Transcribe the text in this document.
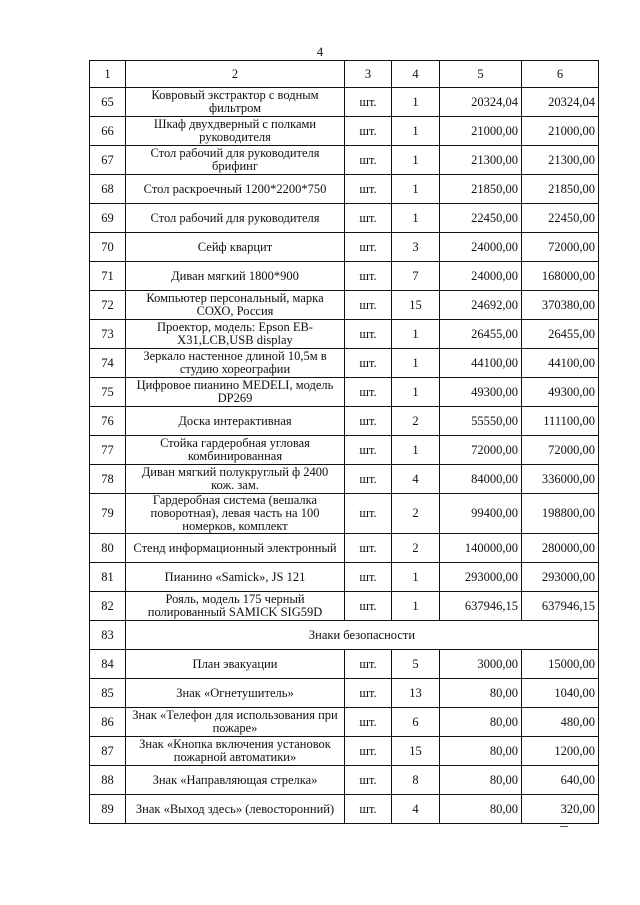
4
1	2	3	4	5	6
65	Ковровый экстрактор с водным фильтром	шт.	1	20324,04	20324,04
66	Шкаф двухдверный с полками руководителя	шт.	1	21000,00	21000,00
67	Стол рабочий для руководителя брифинг	шт.	1	21300,00	21300,00
68	Стол раскроечный 1200*2200*750	шт.	1	21850,00	21850,00
69	Стол рабочий для руководителя	шт.	1	22450,00	22450,00
70	Сейф кварцит	шт.	3	24000,00	72000,00
71	Диван мягкий 1800*900	шт.	7	24000,00	168000,00
72	Компьютер персональный, марка СОХО, Россия	шт.	15	24692,00	370380,00
73	Проектор, модель: Epson EB-X31,LCB,USB display	шт.	1	26455,00	26455,00
74	Зеркало настенное длиной 10,5м в студию хореографии	шт.	1	44100,00	44100,00
75	Цифровое пианино MEDELI, модель DP269	шт.	1	49300,00	49300,00
76	Доска интерактивная	шт.	2	55550,00	111100,00
77	Стойка гардеробная угловая комбинированная	шт.	1	72000,00	72000,00
78	Диван мягкий полукруглый ф 2400 кож. зам.	шт.	4	84000,00	336000,00
79	Гардеробная система (вешалка поворотная), левая часть на 100 номерков, комплект	шт.	2	99400,00	198800,00
80	Стенд информационный электронный	шт.	2	140000,00	280000,00
81	Пианино «Samick», JS 121	шт.	1	293000,00	293000,00
82	Рояль, модель 175 черный полированный SAMICK SIG59D	шт.	1	637946,15	637946,15
83	Знаки безопасности				
84	План эвакуации	шт.	5	3000,00	15000,00
85	Знак «Огнетушитель»	шт.	13	80,00	1040,00
86	Знак «Телефон для использования при пожаре»	шт.	6	80,00	480,00
87	Знак «Кнопка включения установок пожарной автоматики»	шт.	15	80,00	1200,00
88	Знак «Направляющая стрелка»	шт.	8	80,00	640,00
89	Знак «Выход здесь» (левосторонний)	шт.	4	80,00	320,00
